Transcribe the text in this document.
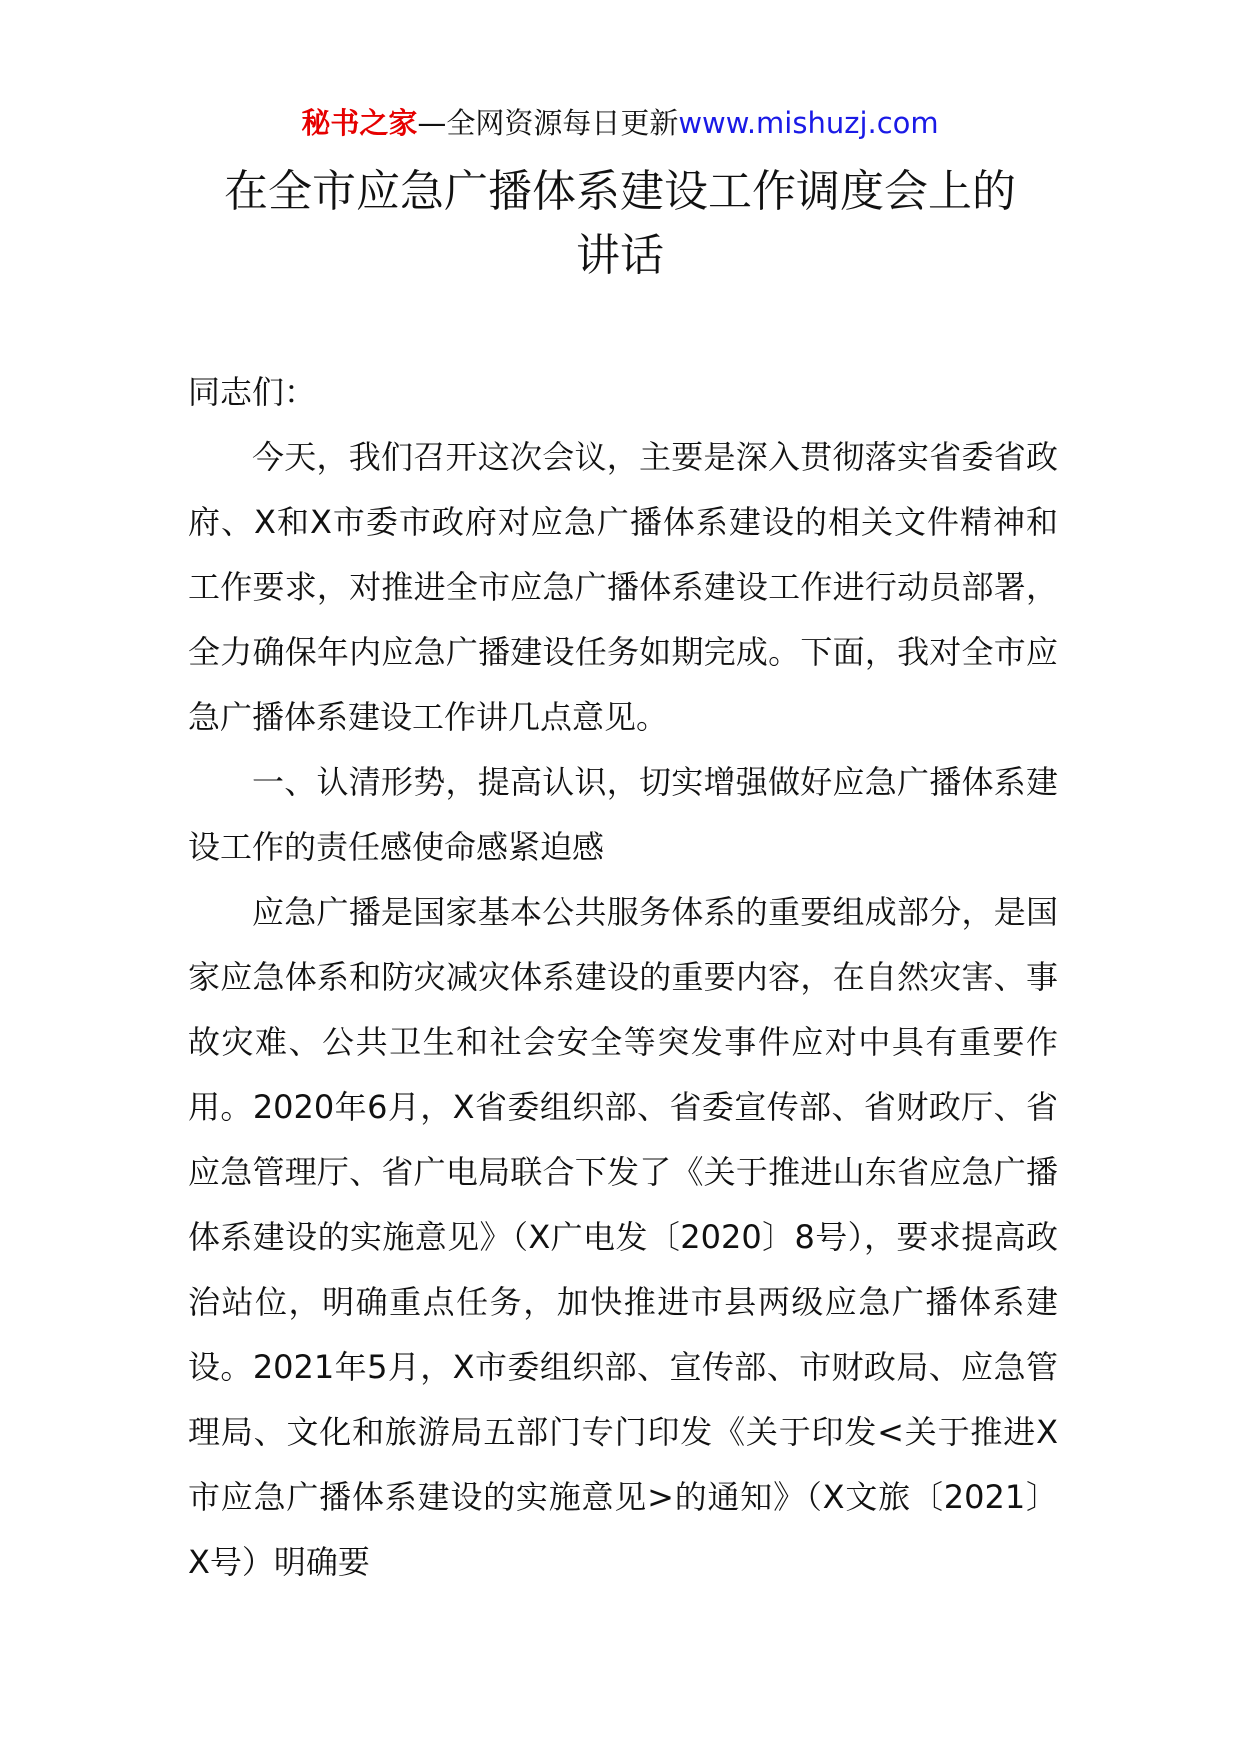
秘书之家—全网资源每日更新www.mishuzj.com
在全市应急广播体系建设工作调度会上的
讲话

同志们：

今天，我们召开这次会议，主要是深入贯彻落实省委省政府、X和X市委市政府对应急广播体系建设的相关文件精神和工作要求，对推进全市应急广播体系建设工作进行动员部署，全力确保年内应急广播建设任务如期完成。下面，我对全市应急广播体系建设工作讲几点意见。

一、认清形势，提高认识，切实增强做好应急广播体系建设工作的责任感使命感紧迫感

应急广播是国家基本公共服务体系的重要组成部分，是国家应急体系和防灾减灾体系建设的重要内容，在自然灾害、事故灾难、公共卫生和社会安全等突发事件应对中具有重要作用。2020年6月，X省委组织部、省委宣传部、省财政厅、省应急管理厅、省广电局联合下发了《关于推进山东省应急广播体系建设的实施意见》（X广电发〔2020〕8号），要求提高政治站位，明确重点任务，加快推进市县两级应急广播体系建设。2021年5月，X市委组织部、宣传部、市财政局、应急管理局、文化和旅游局五部门专门印发《关于印发<关于推进X市应急广播体系建设的实施意见>的通知》（X文旅〔2021〕X号）明确要
